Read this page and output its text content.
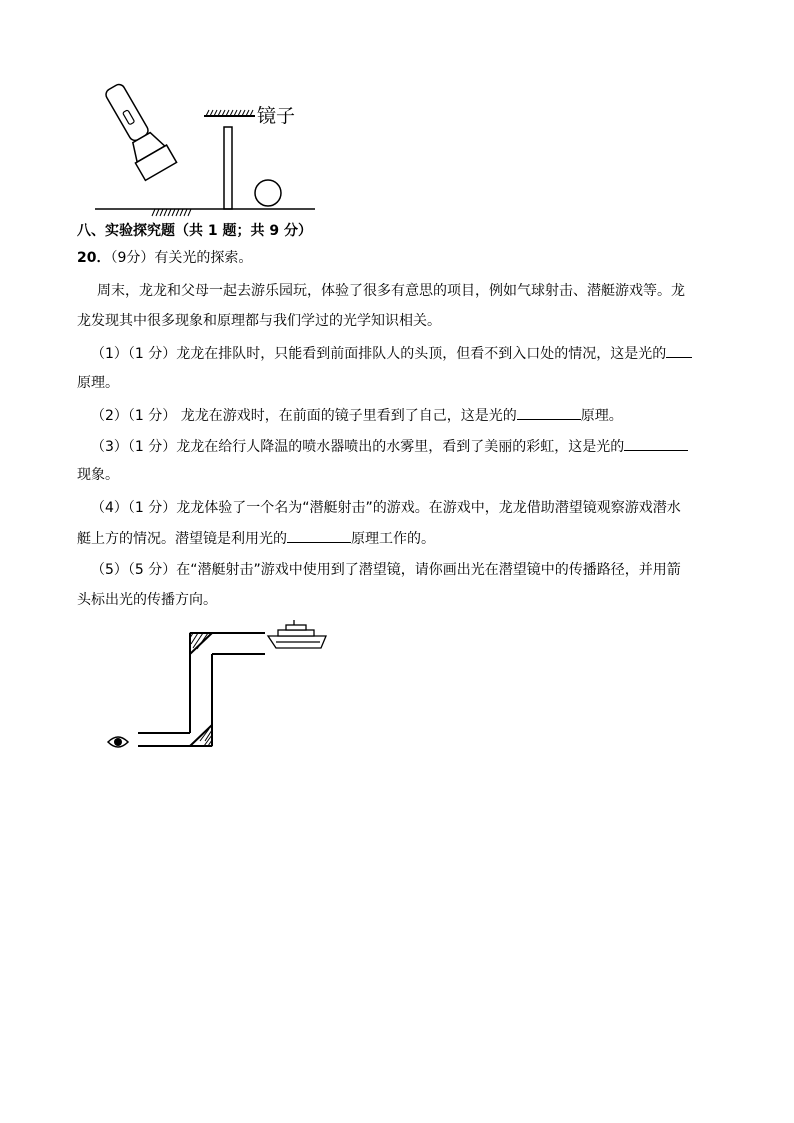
镜子
八、实验探究题（共 1 题；共 9 分）
20．（9分）有关光的探索。
周末，龙龙和父母一起去游乐园玩，体验了很多有意思的项目，例如气球射击、潜艇游戏等。龙
龙发现其中很多现象和原理都与我们学过的光学知识相关。
（1）（1 分）龙龙在排队时，只能看到前面排队人的头顶，但看不到入口处的情况，这是光的
原理。
（2）（1 分） 龙龙在游戏时，在前面的镜子里看到了自己，这是光的	原理。
（3）（1 分）龙龙在给行人降温的喷水器喷出的水雾里，看到了美丽的彩虹，这是光的
现象。
（4）（1 分）龙龙体验了一个名为“潜艇射击”的游戏。在游戏中，龙龙借助潜望镜观察游戏潜水
艇上方的情况。潜望镜是利用光的	原理工作的。
（5）（5 分）在“潜艇射击”游戏中使用到了潜望镜，请你画出光在潜望镜中的传播路径，并用箭
头标出光的传播方向。
